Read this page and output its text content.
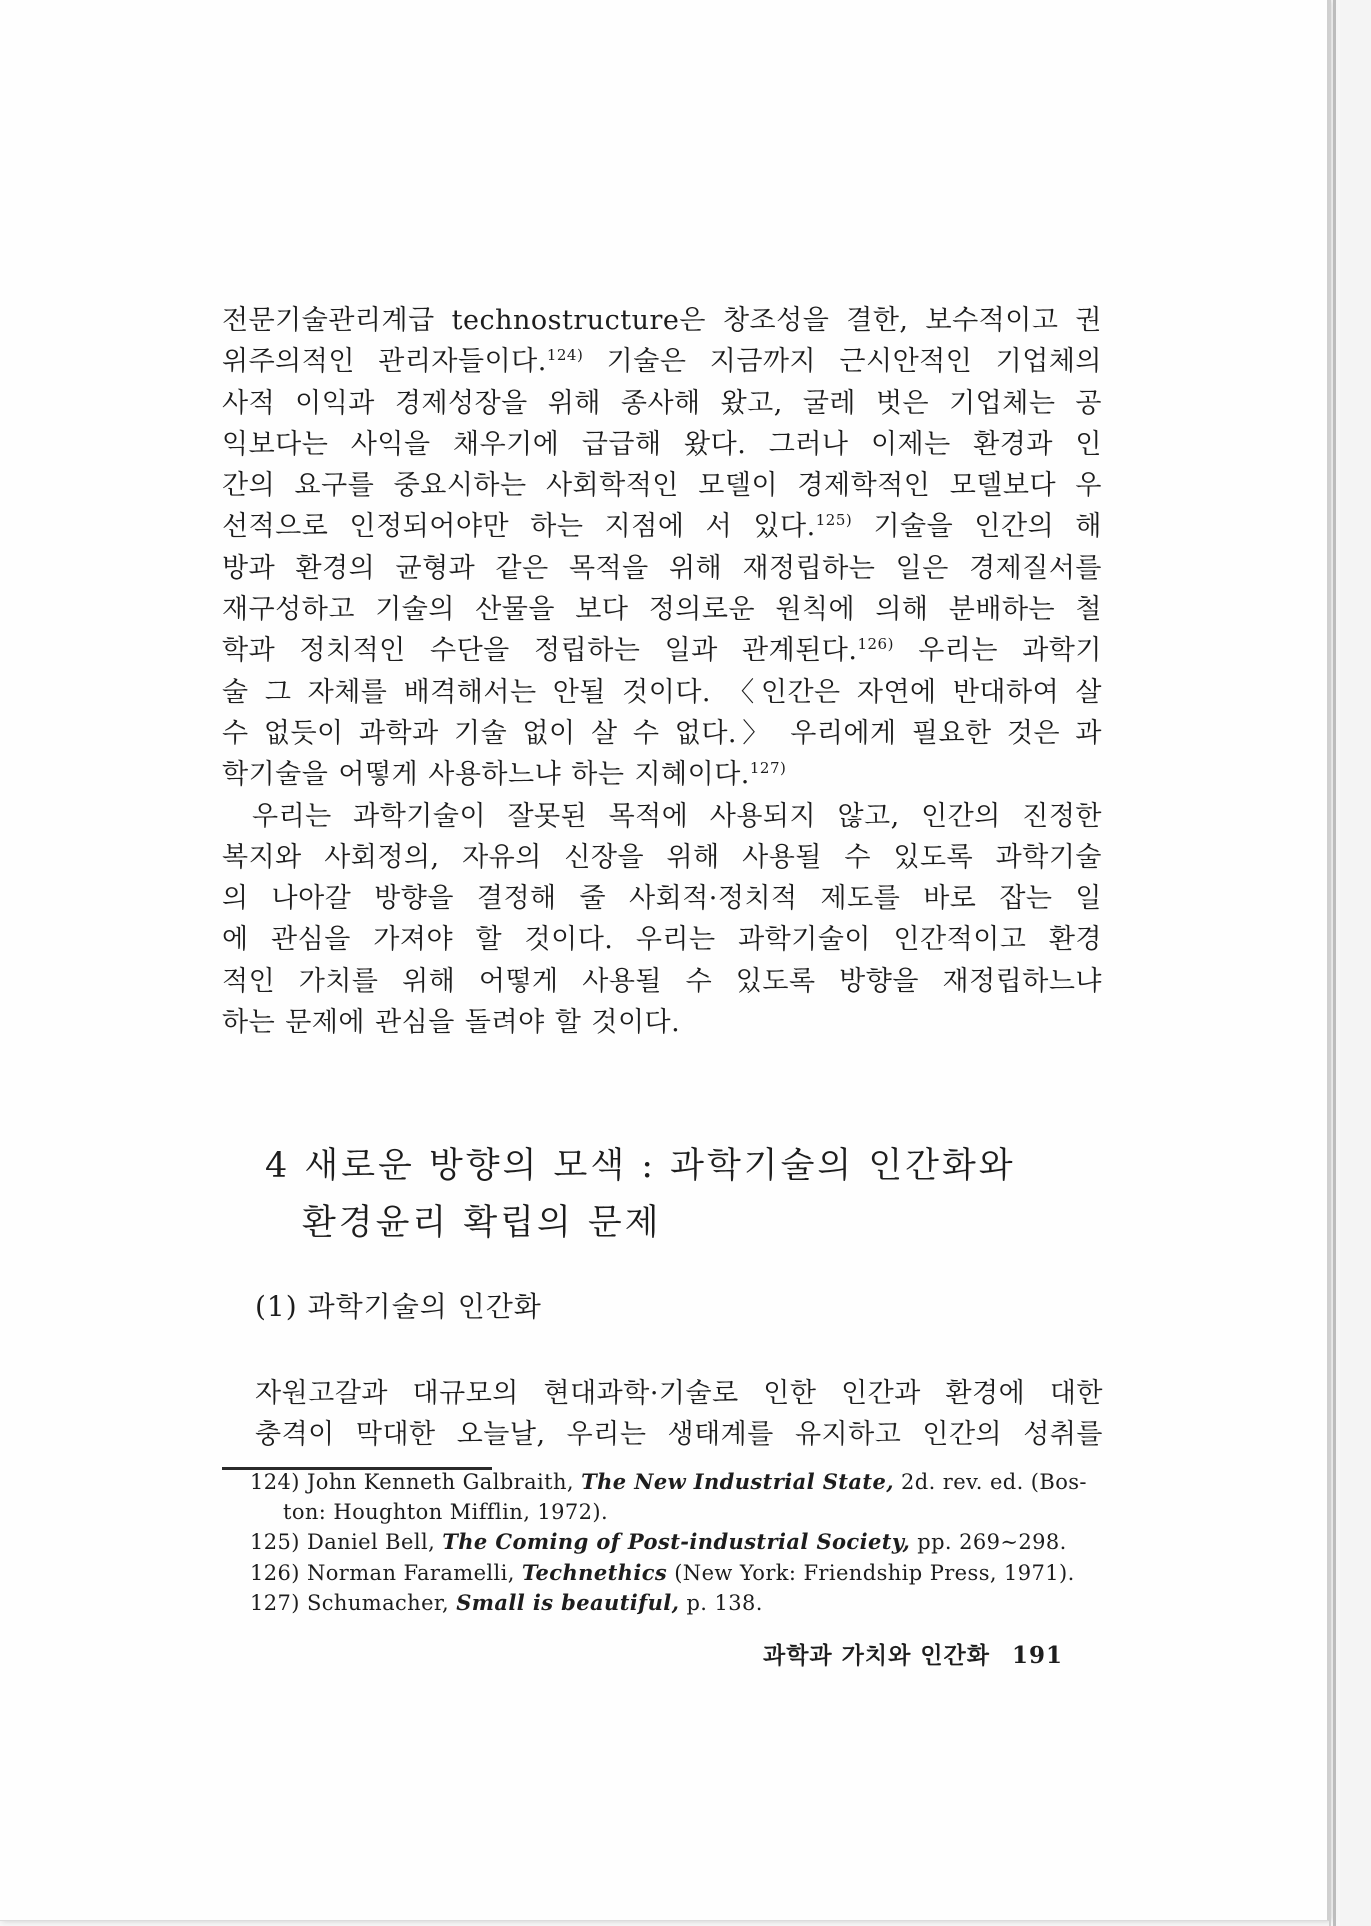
전문기술관리계급 technostructure은 창조성을 결한, 보수적이고 권
위주의적인 관리자들이다.$^{124)}$ 기술은 지금까지 근시안적인 기업체의
사적 이익과 경제성장을 위해 종사해 왔고, 굴레 벗은 기업체는 공
익보다는 사익을 채우기에 급급해 왔다. 그러나 이제는 환경과 인
간의 요구를 중요시하는 사회학적인 모델이 경제학적인 모델보다 우
선적으로 인정되어야만 하는 지점에 서 있다.$^{125)}$ 기술을 인간의 해
방과 환경의 균형과 같은 목적을 위해 재정립하는 일은 경제질서를
재구성하고 기술의 산물을 보다 정의로운 원칙에 의해 분배하는 철
학과 정치적인 수단을 정립하는 일과 관계된다.$^{126)}$ 우리는 과학기
술 그 자체를 배격해서는 안될 것이다. 〈인간은 자연에 반대하여 살
수 없듯이 과학과 기술 없이 살 수 없다.〉 우리에게 필요한 것은 과
학기술을 어떻게 사용하느냐 하는 지혜이다.$^{127)}$

우리는 과학기술이 잘못된 목적에 사용되지 않고, 인간의 진정한
복지와 사회정의, 자유의 신장을 위해 사용될 수 있도록 과학기술
의 나아갈 방향을 결정해 줄 사회적·정치적 제도를 바로 잡는 일
에 관심을 가져야 할 것이다. 우리는 과학기술이 인간적이고 환경
적인 가치를 위해 어떻게 사용될 수 있도록 방향을 재정립하느냐
하는 문제에 관심을 돌려야 할 것이다.

4 새로운 방향의 모색 : 과학기술의 인간화와
환경윤리 확립의 문제
(1) 과학기술의 인간화
자원고갈과 대규모의 현대과학·기술로 인한 인간과 환경에 대한
충격이 막대한 오늘날, 우리는 생태계를 유지하고 인간의 성취를
124) John Kenneth Galbraith, The New Industrial State, 2d. rev. ed. (Bos-
ton: Houghton Mifflin, 1972).
125) Daniel Bell, The Coming of Post-industrial Society, pp. 269∼298.
126) Norman Faramelli, Technethics (New York: Friendship Press, 1971).
127) Schumacher, Small is beautiful, p. 138.
과학과 가치와 인간화 191
